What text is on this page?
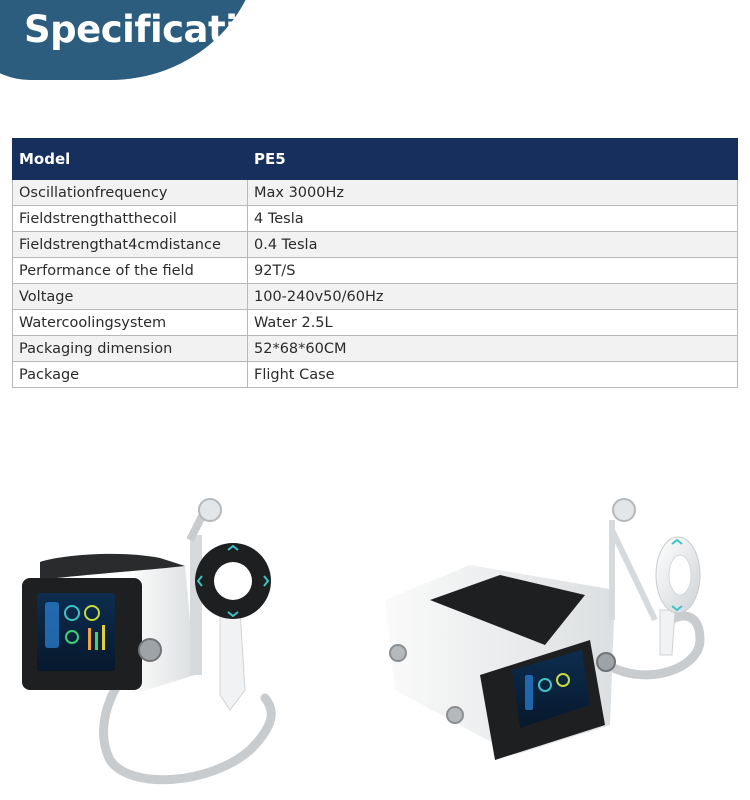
Specification
Model	PE5
Oscillationfrequency	Max 3000Hz
Fieldstrengthatthecoil	4 Tesla
Fieldstrengthat4cmdistance	0.4 Tesla
Performance of the field	92T/S
Voltage	100-240v50/60Hz
Watercoolingsystem	Water 2.5L
Packaging dimension	52*68*60CM
Package	Flight Case
